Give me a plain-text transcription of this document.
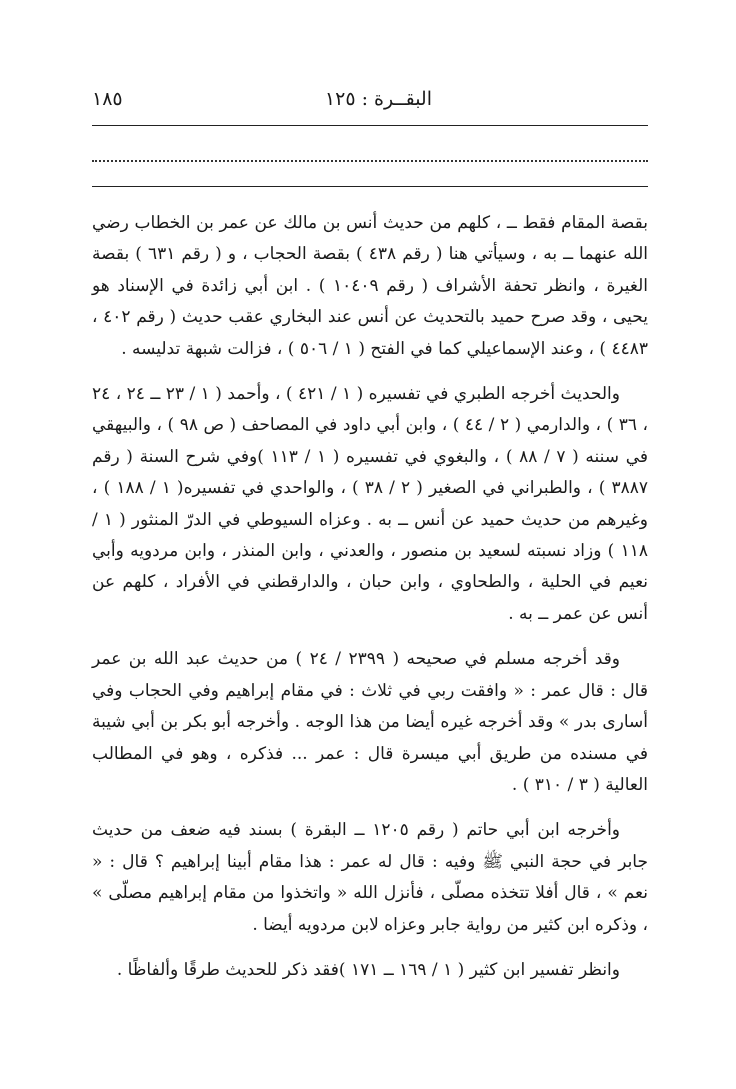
البقــرة : ١٢٥
١٨٥

بقصة المقام فقط ــ ، كلهم من حديث أنس بن مالك عن عمر بن الخطاب رضي الله عنهما ــ به ، وسيأتي هنا ( رقم ٤٣٨ ) بقصة الحجاب ، و ( رقم ٦٣١ ) بقصة الغيرة ، وانظر تحفة الأشراف ( رقم ١٠٤٠٩ ) . ابن أبي زائدة في الإسناد هو يحيى ، وقد صرح حميد بالتحديث عن أنس عند البخاري عقب حديث ( رقم ٤٠٢ ، ٤٤٨٣ ) ، وعند الإسماعيلي كما في الفتح ( ١ / ٥٠٦ ) ، فزالت شبهة تدليسه .

والحديث أخرجه الطبري في تفسيره ( ١ / ٤٢١ ) ، وأحمد ( ١ / ٢٣ ــ ٢٤ ، ٢٤ ، ٣٦ ) ، والدارمي ( ٢ / ٤٤ ) ، وابن أبي داود في المصاحف ( ص ٩٨ ) ، والبيهقي في سننه ( ٧ / ٨٨ ) ، والبغوي في تفسيره ( ١ / ١١٣ )وفي شرح السنة ( رقم ٣٨٨٧ ) ، والطبراني في الصغير ( ٢ / ٣٨ ) ، والواحدي في تفسيره( ١ / ١٨٨ ) ، وغيرهم من حديث حميد عن أنس ــ به . وعزاه السيوطي في الدرّ المنثور ( ١ / ١١٨ ) وزاد نسبته لسعيد بن منصور ، والعدني ، وابن المنذر ، وابن مردويه وأبي نعيم في الحلية ، والطحاوي ، وابن حبان ، والدارقطني في الأفراد ، كلهم عن أنس عن عمر ــ به .

وقد أخرجه مسلم في صحيحه ( ٢٣٩٩ / ٢٤ ) من حديث عبد الله بن عمر قال : قال عمر : « وافقت ربي في ثلاث : في مقام إبراهيم وفي الحجاب وفي أسارى بدر » وقد أخرجه غيره أيضا من هذا الوجه . وأخرجه أبو بكر بن أبي شيبة في مسنده من طريق أبي ميسرة قال : عمر ... فذكره ، وهو في المطالب العالية ( ٣ / ٣١٠ ) .

وأخرجه ابن أبي حاتم ( رقم ١٢٠٥ ــ البقرة ) بسند فيه ضعف من حديث جابر في حجة النبي ﷺ وفيه : قال له عمر : هذا مقام أبينا إبراهيم ؟ قال : « نعم » ، قال أفلا تتخذه مصلّى ، فأنزل الله « واتخذوا من مقام إبراهيم مصلّى » ، وذكره ابن كثير من رواية جابر وعزاه لابن مردويه أيضا .

وانظر تفسير ابن كثير ( ١ / ١٦٩ ــ ١٧١ )فقد ذكر للحديث طرقًا وألفاظًا .
